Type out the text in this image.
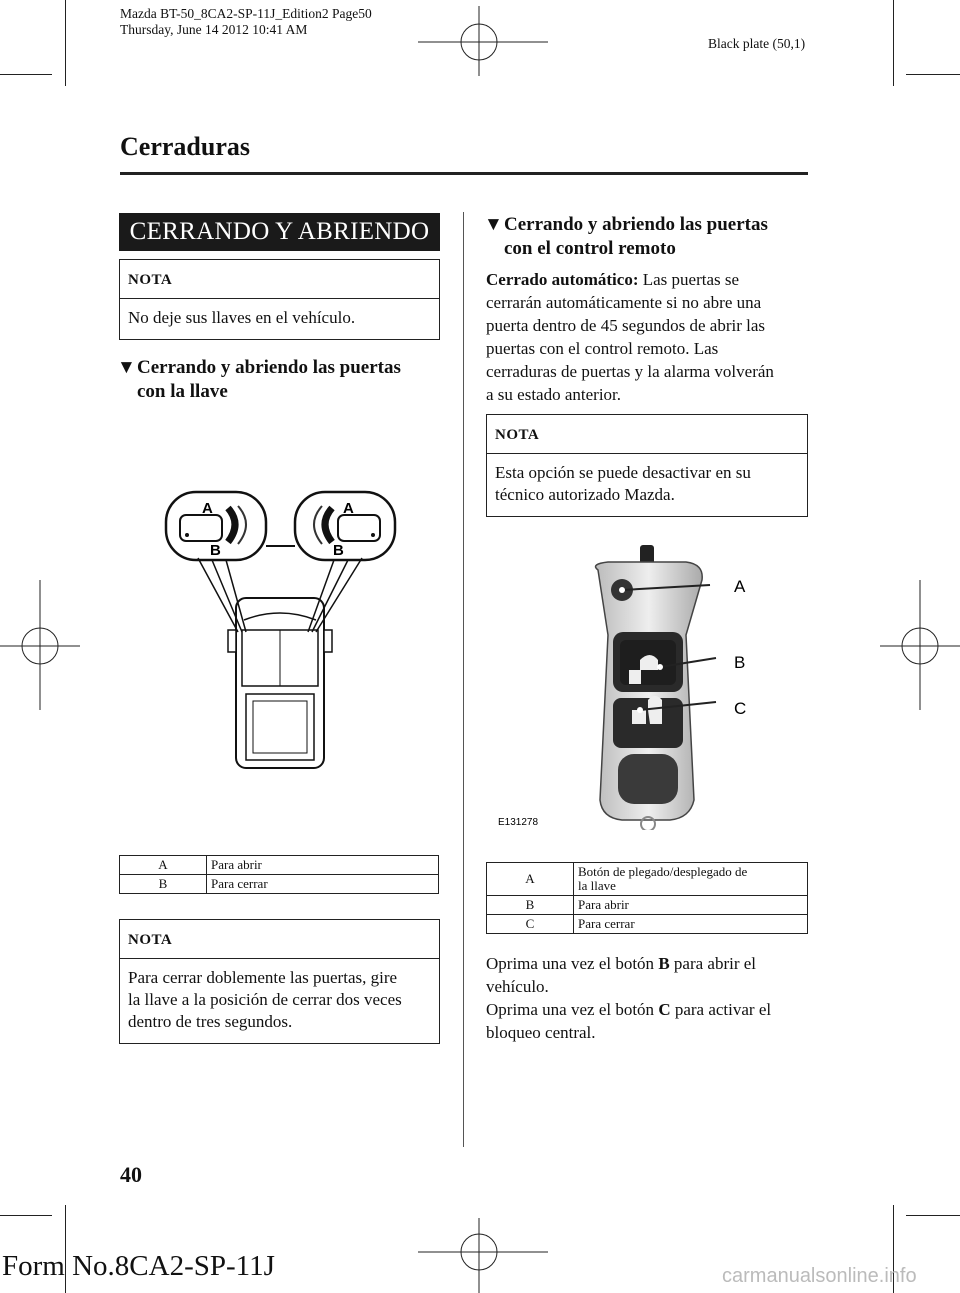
Mazda BT-50_8CA2-SP-11J_Edition2 Page50
Thursday, June 14 2012 10:41 AM
Black plate (50,1)
Cerraduras
CERRANDO Y ABRIENDO
NOTA
No deje sus llaves en el vehículo.
▼Cerrando y abriendo las puertas
con la llave
A
B
A
B
A	Para abrir
B	Para cerrar
NOTA
Para cerrar doblemente las puertas, gire
la llave a la posición de cerrar dos veces
dentro de tres segundos.
▼Cerrando y abriendo las puertas
con el control remoto
Cerrado automático: Las puertas se
cerrarán automáticamente si no abre una
puerta dentro de 45 segundos de abrir las
puertas con el control remoto. Las
cerraduras de puertas y la alarma volverán
a su estado anterior.
NOTA
Esta opción se puede desactivar en su
técnico autorizado Mazda.
A
B
C
E131278
A	Botón de plegado/desplegado de
la llave

B	Para abrir
C	Para cerrar
Oprima una vez el botón B para abrir el
vehículo.
Oprima una vez el botón C para activar el
bloqueo central.
40
Form No.8CA2-SP-11J	carmanualsonline.info
